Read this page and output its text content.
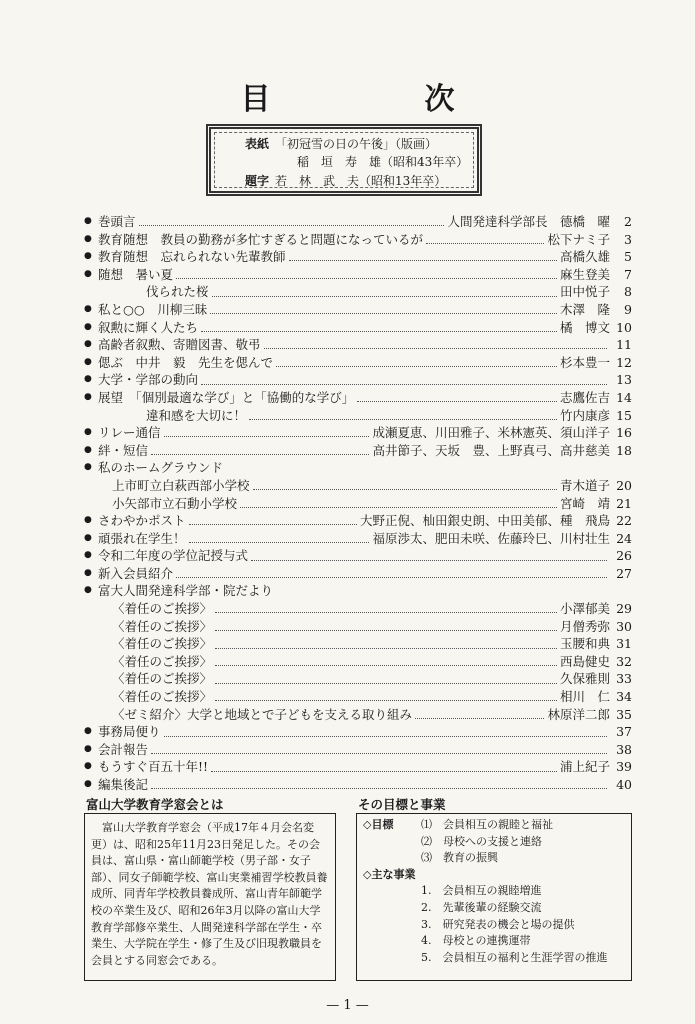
目　次
表紙 「初冠雪の日の午後」（版画）
稲　垣　寿　雄（昭和43年卒）
題字 若　林　武　夫（昭和13年卒）
● 巻頭言	人間発達科学部長　德橋　曜	2
● 教育随想　教員の勤務が多忙すぎると問題になっているが	松下ナミ子	3
● 教育随想　忘れられない先輩教師	高橋久雄	5
● 随想　暑い夏	麻生登美	7
伐られた桜	田中悦子	8
● 私と○○　川柳三昧	木澤　隆	9
● 叙勲に輝く人たち	橘　博文 10
● 高齢者叙勲、寄贈図書、敬弔	11
● 偲ぶ　中井　毅　先生を偲んで	杉本豊一 12
● 大学・学部の動向	13
● 展望　「個別最適な学び」と「協働的な学び」	志鷹佐吉 14
違和感を大切に！	竹内康彦 15
● リレー通信	成瀬夏恵、川田雅子、米林憲英、須山洋子 16
● 絆・短信	高井節子、天坂　豊、上野真弓、高井慈美 18
● 私のホームグラウンド
上市町立白萩西部小学校	青木道子 20
小矢部市立石動小学校	宮崎　靖 21
● さわやかポスト	大野正倪、杣田銀史朗、中田美郁、種　飛鳥 22
● 頑張れ在学生！	福原渉太、肥田未咲、佐藤玲巳、川村壮生 24
● 令和二年度の学位記授与式	26
● 新入会員紹介	27
● 富大人間発達科学部・院だより
〈着任のご挨拶〉	小澤郁美 29
〈着任のご挨拶〉	月僧秀弥 30
〈着任のご挨拶〉	玉腰和典 31
〈着任のご挨拶〉	西島健史 32
〈着任のご挨拶〉	久保雅則 33
〈着任のご挨拶〉	相川　仁 34
〈ゼミ紹介〉大学と地域とで子どもを支える取り組み	林原洋二郎 35
● 事務局便り	37
● 会計報告	38
● もうすぐ百五十年!!	浦上紀子 39
● 編集後記	40
富山大学教育学窓会とは

富山大学教育学窓会（平成17年４月会名変更）は、昭和25年11月23日発足した。その会員は、富山県・富山師範学校（男子部・女子部）、同女子師範学校、富山実業補習学校教員養成所、同青年学校教員養成所、富山青年師範学校の卒業生及び、昭和26年3月以降の富山大学教育学部修卒業生、人間発達科学部在学生・卒業生、大学院在学生・修了生及び旧現教職員を会員とする同窓会である。

その目標と事業
◇目標	⑴　会員相互の親睦と福祉
⑵　母校への支援と連絡
⑶　教育の振興
◇主な事業
1.　会員相互の親睦増進
2.　先輩後輩の経験交流
3.　研究発表の機会と場の提供
4.　母校との連携運帯
5.　会員相互の福利と生涯学習の推進
— 1 —
